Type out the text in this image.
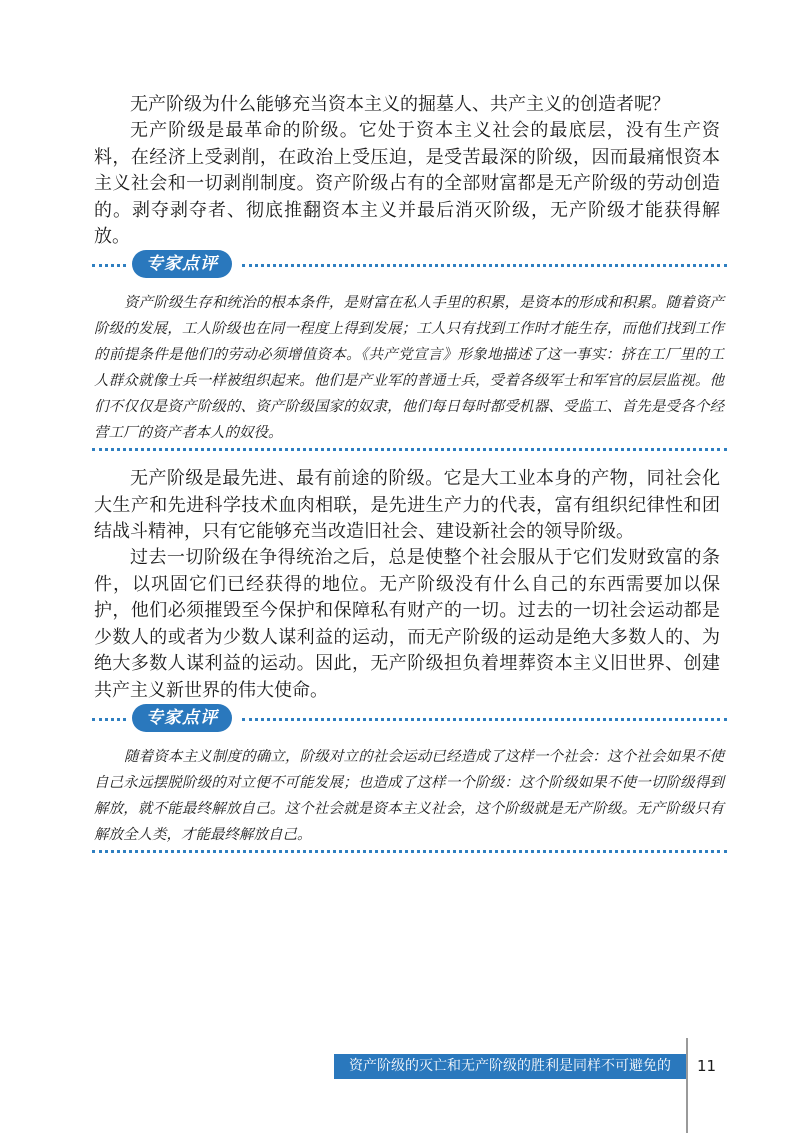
无产阶级为什么能够充当资本主义的掘墓人、共产主义的创造者呢？

无产阶级是最革命的阶级。它处于资本主义社会的最底层，没有生产资料，在经济上受剥削，在政治上受压迫，是受苦最深的阶级，因而最痛恨资本主义社会和一切剥削制度。资产阶级占有的全部财富都是无产阶级的劳动创造的。剥夺剥夺者、彻底推翻资本主义并最后消灭阶级，无产阶级才能获得解放。

专家点评

资产阶级生存和统治的根本条件，是财富在私人手里的积累，是资本的形成和积累。随着资产阶级的发展，工人阶级也在同一程度上得到发展；工人只有找到工作时才能生存，而他们找到工作的前提条件是他们的劳动必须增值资本。《共产党宣言》形象地描述了这一事实：挤在工厂里的工人群众就像士兵一样被组织起来。他们是产业军的普通士兵，受着各级军士和军官的层层监视。他们不仅仅是资产阶级的、资产阶级国家的奴隶，他们每日每时都受机器、受监工、首先是受各个经营工厂的资产者本人的奴役。

无产阶级是最先进、最有前途的阶级。它是大工业本身的产物，同社会化大生产和先进科学技术血肉相联，是先进生产力的代表，富有组织纪律性和团结战斗精神，只有它能够充当改造旧社会、建设新社会的领导阶级。

过去一切阶级在争得统治之后，总是使整个社会服从于它们发财致富的条件，以巩固它们已经获得的地位。无产阶级没有什么自己的东西需要加以保护，他们必须摧毁至今保护和保障私有财产的一切。过去的一切社会运动都是少数人的或者为少数人谋利益的运动，而无产阶级的运动是绝大多数人的、为绝大多数人谋利益的运动。因此，无产阶级担负着埋葬资本主义旧世界、创建共产主义新世界的伟大使命。

专家点评

随着资本主义制度的确立，阶级对立的社会运动已经造成了这样一个社会：这个社会如果不使自己永远摆脱阶级的对立便不可能发展；也造成了这样一个阶级：这个阶级如果不使一切阶级得到解放，就不能最终解放自己。这个社会就是资本主义社会，这个阶级就是无产阶级。无产阶级只有解放全人类，才能最终解放自己。

资产阶级的灭亡和无产阶级的胜利是同样不可避免的	11
